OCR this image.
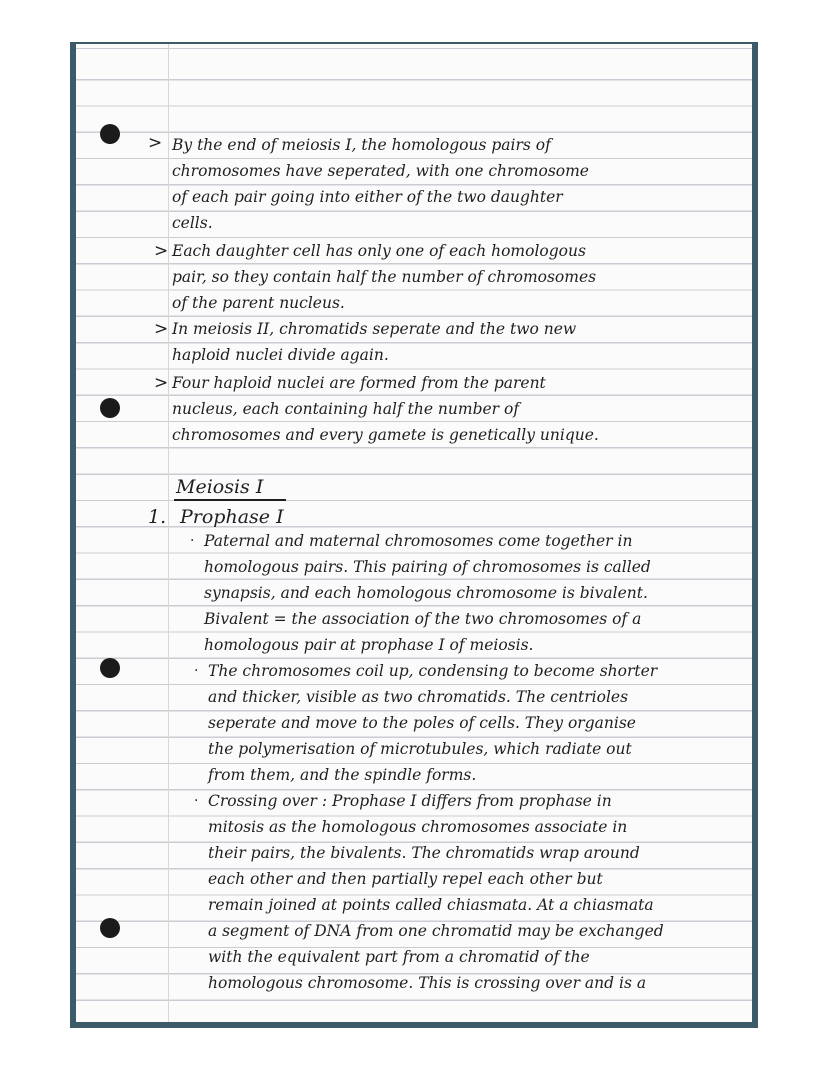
> By the end of meiosis I, the homologous pairs of

chromosomes have seperated, with one chromosome

of each pair going into either of the two daughter

cells.

> Each daughter cell has only one of each homologous

pair, so they contain half the number of chromosomes

of the parent nucleus.

> In meiosis II, chromatids seperate and the two new

haploid nuclei divide again.

> Four haploid nuclei are formed from the parent

nucleus, each containing half the number of

chromosomes and every gamete is genetically unique.

Meiosis I
1. Prophase I
· Paternal and maternal chromosomes come together in

homologous pairs. This pairing of chromosomes is called

synapsis, and each homologous chromosome is bivalent.

Bivalent = the association of the two chromosomes of a

homologous pair at prophase I of meiosis.

· The chromosomes coil up, condensing to become shorter

and thicker, visible as two chromatids. The centrioles

seperate and move to the poles of cells. They organise

the polymerisation of microtubules, which radiate out

from them, and the spindle forms.

· Crossing over : Prophase I differs from prophase in

mitosis as the homologous chromosomes associate in

their pairs, the bivalents. The chromatids wrap around

each other and then partially repel each other but

remain joined at points called chiasmata. At a chiasmata

a segment of DNA from one chromatid may be exchanged

with the equivalent part from a chromatid of the

homologous chromosome. This is crossing over and is a
